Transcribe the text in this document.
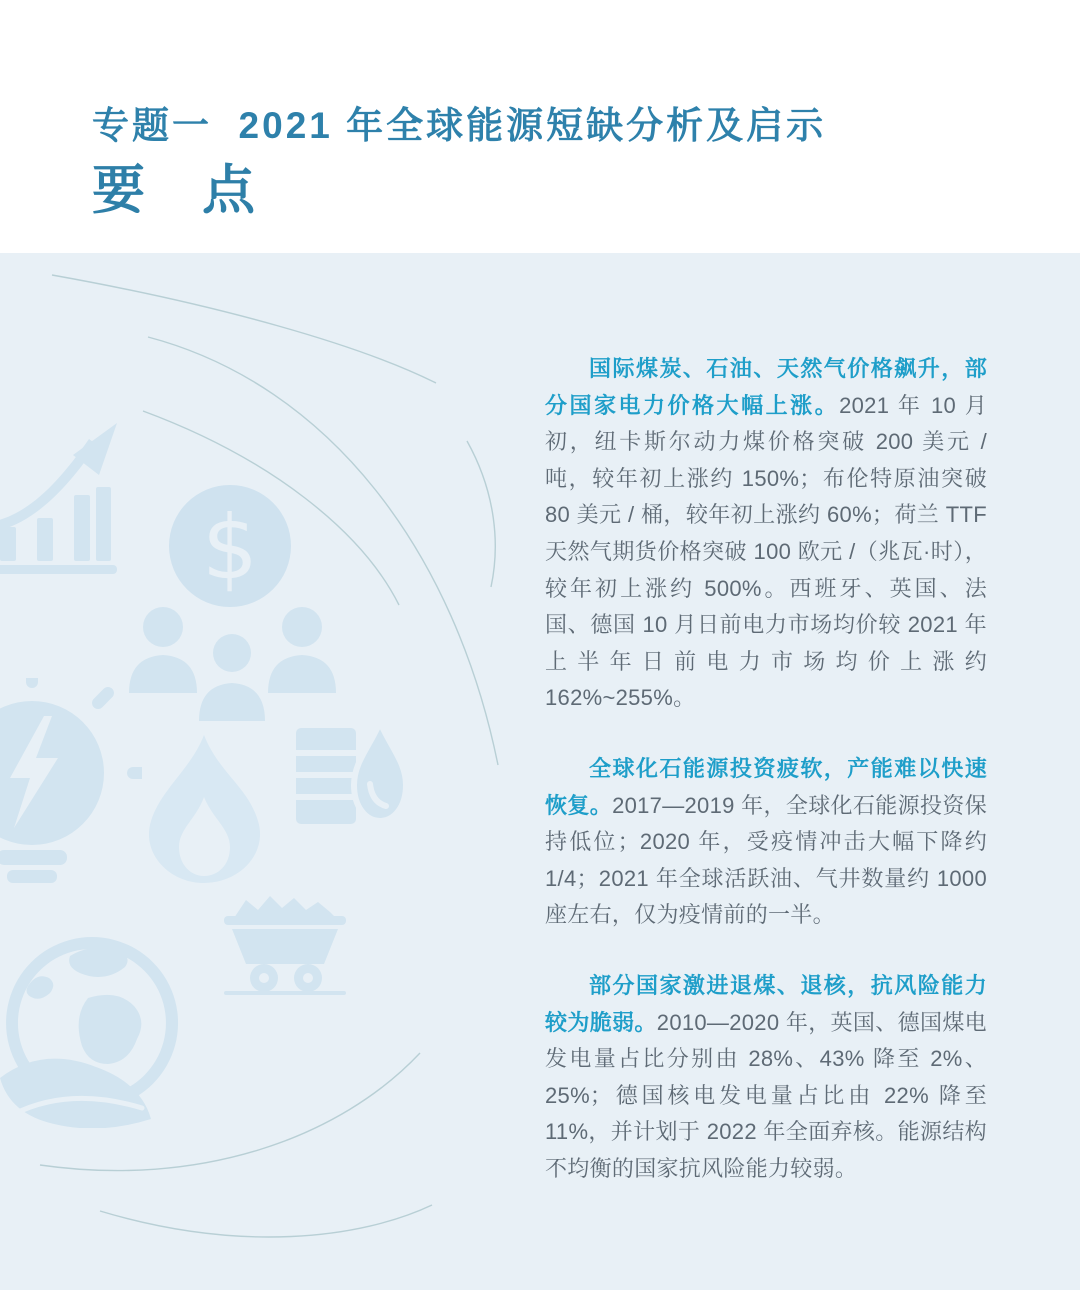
专题一  2021 年全球能源短缺分析及启示
要　点
$

国际煤炭、石油、天然气价格飙升，部分国家电力价格大幅上涨。2021 年 10 月初，纽卡斯尔动力煤价格突破 200 美元 / 吨，较年初上涨约 150%；布伦特原油突破 80 美元 / 桶，较年初上涨约 60%；荷兰 TTF 天然气期货价格突破 100 欧元 /（兆瓦·时），较年初上涨约 500%。西班牙、英国、法国、德国 10 月日前电力市场均价较 2021 年上半年日前电力市场均价上涨约 162%~255%。

全球化石能源投资疲软，产能难以快速恢复。2017—2019 年，全球化石能源投资保持低位；2020 年，受疫情冲击大幅下降约 1/4；2021 年全球活跃油、气井数量约 1000 座左右，仅为疫情前的一半。

部分国家激进退煤、退核，抗风险能力较为脆弱。2010—2020 年，英国、德国煤电发电量占比分别由 28%、43% 降至 2%、25%；德国核电发电量占比由 22% 降至 11%，并计划于 2022 年全面弃核。能源结构不均衡的国家抗风险能力较弱。
